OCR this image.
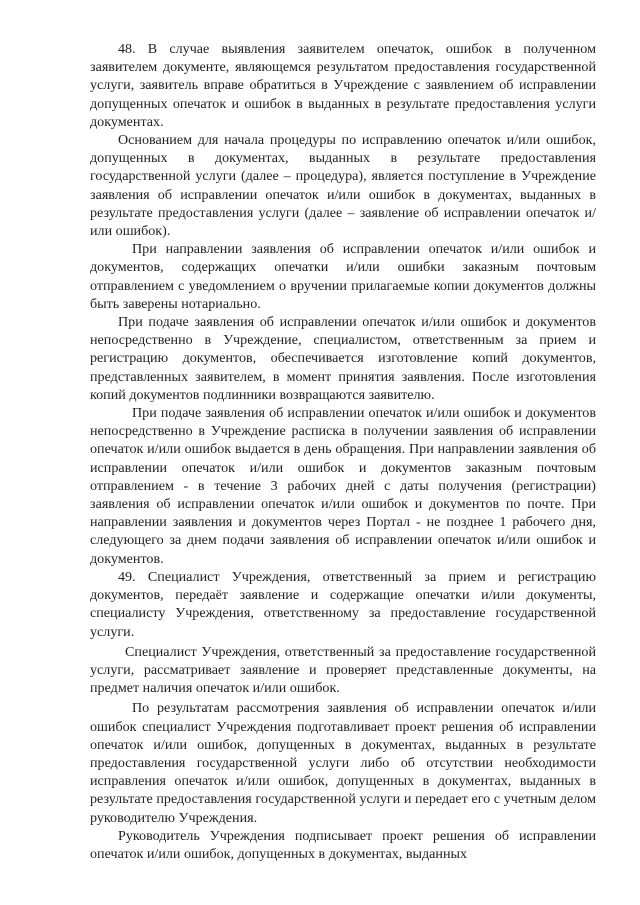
48. В случае выявления заявителем опечаток, ошибок в полученном заявителем документе, являющемся результатом предоставления государственной услуги, заявитель вправе обратиться в Учреждение с заявлением об исправлении допущенных опечаток и ошибок в выданных в результате предоставления услуги документах.

Основанием для начала процедуры по исправлению опечаток и/или ошибок, допущенных в документах, выданных в результате предоставления государственной услуги (далее – процедура), является поступление в Учреждение заявления об исправлении опечаток и/или ошибок в документах, выданных в результате предоставления услуги (далее – заявление об исправлении опечаток и/или ошибок).

При направлении заявления об исправлении опечаток и/или ошибок и документов, содержащих опечатки и/или ошибки заказным почтовым отправлением с уведомлением о вручении прилагаемые копии документов должны быть заверены нотариально.

При подаче заявления об исправлении опечаток и/или ошибок и документов непосредственно в Учреждение, специалистом, ответственным за прием и регистрацию документов, обеспечивается изготовление копий документов, представленных заявителем, в момент принятия заявления. После изготовления копий документов подлинники возвращаются заявителю.

При подаче заявления об исправлении опечаток и/или ошибок и документов непосредственно в Учреждение расписка в получении заявления об исправлении опечаток и/или ошибок выдается в день обращения. При направлении заявления об исправлении опечаток и/или ошибок и документов заказным почтовым отправлением - в течение 3 рабочих дней с даты получения (регистрации) заявления об исправлении опечаток и/или ошибок и документов по почте. При направлении заявления и документов через Портал - не позднее 1 рабочего дня, следующего за днем подачи заявления об исправлении опечаток и/или ошибок и документов.

49. Специалист Учреждения, ответственный за прием и регистрацию документов, передаёт заявление и содержащие опечатки и/или документы, специалисту Учреждения, ответственному за предоставление государственной услуги.

Специалист Учреждения, ответственный за предоставление государственной услуги, рассматривает заявление и проверяет представленные документы, на предмет наличия опечаток и/или ошибок.

По результатам рассмотрения заявления об исправлении опечаток и/или ошибок специалист Учреждения подготавливает проект решения об исправлении опечаток и/или ошибок, допущенных в документах, выданных в результате предоставления государственной услуги либо об отсутствии необходимости исправления опечаток и/или ошибок, допущенных в документах, выданных в результате предоставления государственной услуги и передает его с учетным делом руководителю Учреждения.

Руководитель Учреждения подписывает проект решения об исправлении опечаток и/или ошибок, допущенных в документах, выданных
